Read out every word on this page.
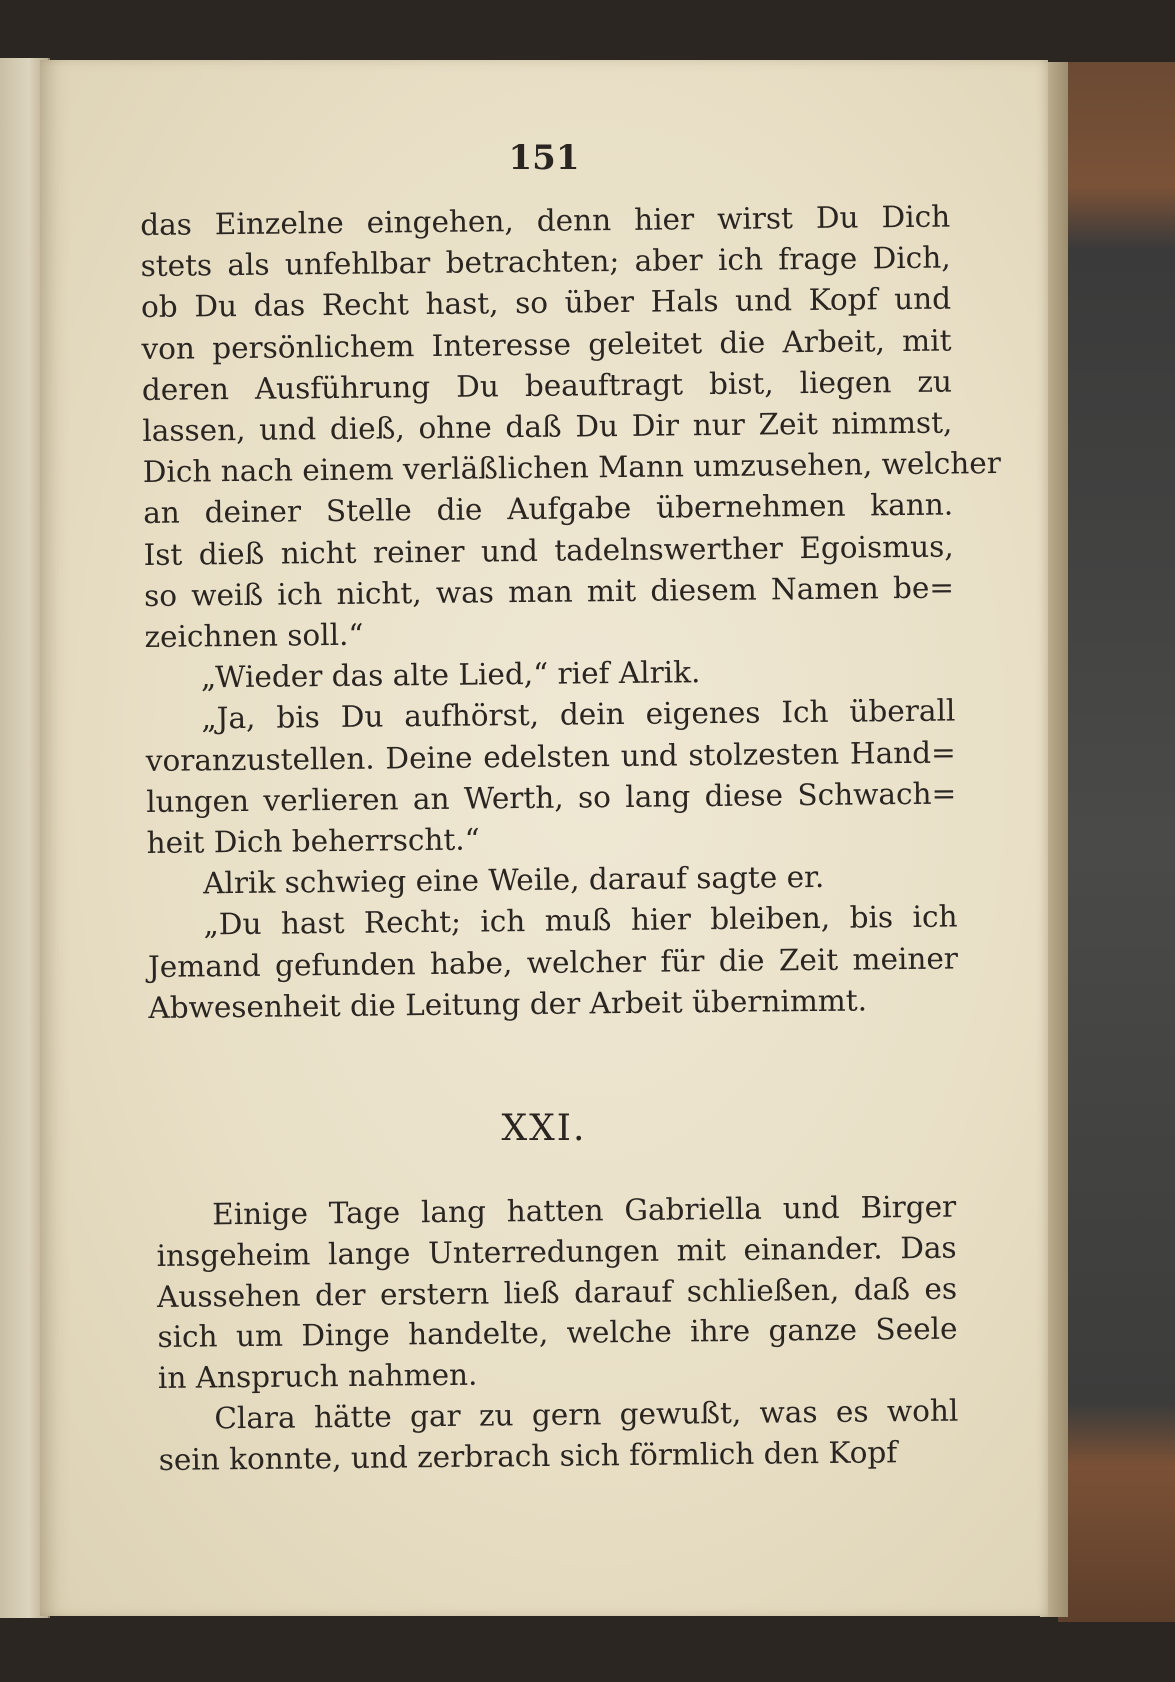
151
das Einzelne eingehen, denn hier wirst Du Dich
stets als unfehlbar betrachten; aber ich frage Dich,
ob Du das Recht hast, so über Hals und Kopf und
von persönlichem Interesse geleitet die Arbeit, mit
deren Ausführung Du beauftragt bist, liegen zu
lassen, und dieß, ohne daß Du Dir nur Zeit nimmst,
Dich nach einem verläßlichen Mann umzusehen, welcher
an deiner Stelle die Aufgabe übernehmen kann.
Ist dieß nicht reiner und tadelnswerther Egoismus,
so weiß ich nicht, was man mit diesem Namen be=
zeichnen soll.“
„Wieder das alte Lied,“ rief Alrik.
„Ja, bis Du aufhörst, dein eigenes Ich überall
voranzustellen. Deine edelsten und stolzesten Hand=
lungen verlieren an Werth, so lang diese Schwach=
heit Dich beherrscht.“
Alrik schwieg eine Weile, darauf sagte er.
„Du hast Recht; ich muß hier bleiben, bis ich
Jemand gefunden habe, welcher für die Zeit meiner
Abwesenheit die Leitung der Arbeit übernimmt.
XXI.
Einige Tage lang hatten Gabriella und Birger
insgeheim lange Unterredungen mit einander. Das
Aussehen der erstern ließ darauf schließen, daß es
sich um Dinge handelte, welche ihre ganze Seele
in Anspruch nahmen.
Clara hätte gar zu gern gewußt, was es wohl
sein konnte, und zerbrach sich förmlich den Kopf
